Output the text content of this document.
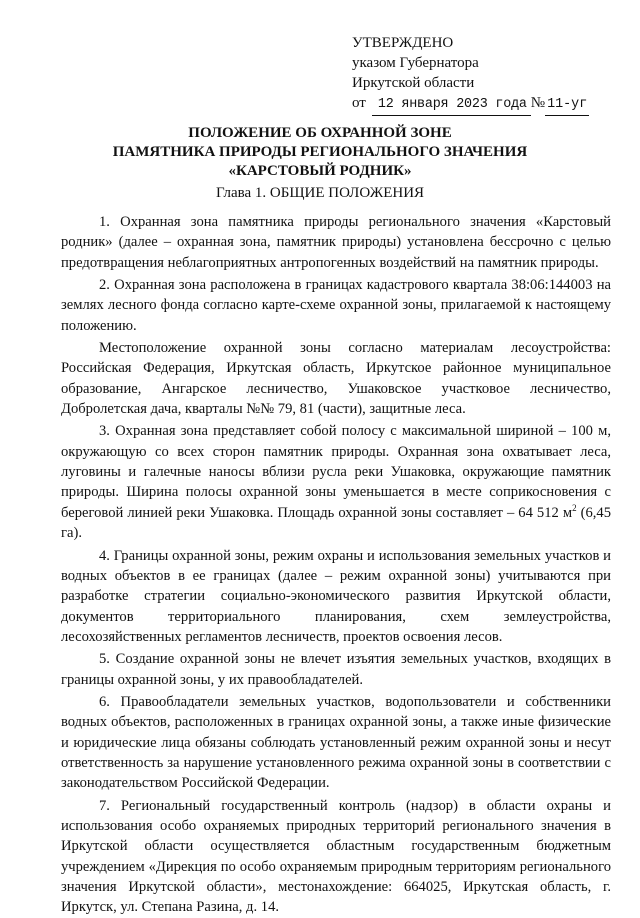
УТВЕРЖДЕНО
указом Губернатора
Иркутской области
от 12 января 2023 года № 11-уг
ПОЛОЖЕНИЕ ОБ ОХРАННОЙ ЗОНЕ
ПАМЯТНИКА ПРИРОДЫ РЕГИОНАЛЬНОГО ЗНАЧЕНИЯ
«КАРСТОВЫЙ РОДНИК»
Глава 1. ОБЩИЕ ПОЛОЖЕНИЯ

1. Охранная зона памятника природы регионального значения «Карстовый родник» (далее – охранная зона, памятник природы) установлена бессрочно с целью предотвращения неблагоприятных антропогенных воздействий на памятник природы.

2. Охранная зона расположена в границах кадастрового квартала 38:06:144003 на землях лесного фонда согласно карте-схеме охранной зоны, прилагаемой к настоящему положению.

Местоположение охранной зоны согласно материалам лесоустройства: Российская Федерация, Иркутская область, Иркутское районное муниципальное образование, Ангарское лесничество, Ушаковское участковое лесничество, Добролетская дача, кварталы №№ 79, 81 (части), защитные леса.

3. Охранная зона представляет собой полосу с максимальной шириной – 100 м, окружающую со всех сторон памятник природы. Охранная зона охватывает леса, луговины и галечные наносы вблизи русла реки Ушаковка, окружающие памятник природы. Ширина полосы охранной зоны уменьшается в месте соприкосновения с береговой линией реки Ушаковка. Площадь охранной зоны составляет – 64 512 $м^2$ (6,45 га).

4. Границы охранной зоны, режим охраны и использования земельных участков и водных объектов в ее границах (далее – режим охранной зоны) учитываются при разработке стратегии социально-экономического развития Иркутской области, документов территориального планирования, схем землеустройства, лесохозяйственных регламентов лесничеств, проектов освоения лесов.

5. Создание охранной зоны не влечет изъятия земельных участков, входящих в границы охранной зоны, у их правообладателей.

6. Правообладатели земельных участков, водопользователи и собственники водных объектов, расположенных в границах охранной зоны, а также иные физические и юридические лица обязаны соблюдать установленный режим охранной зоны и несут ответственность за нарушение установленного режима охранной зоны в соответствии с законодательством Российской Федерации.

7. Региональный государственный контроль (надзор) в области охраны и использования особо охраняемых природных территорий регионального значения в Иркутской области осуществляется областным государственным бюджетным учреждением «Дирекция по особо охраняемым природным территориям регионального значения Иркутской области», местонахождение: 664025, Иркутская область, г. Иркутск, ул. Степана Разина, д. 14.
